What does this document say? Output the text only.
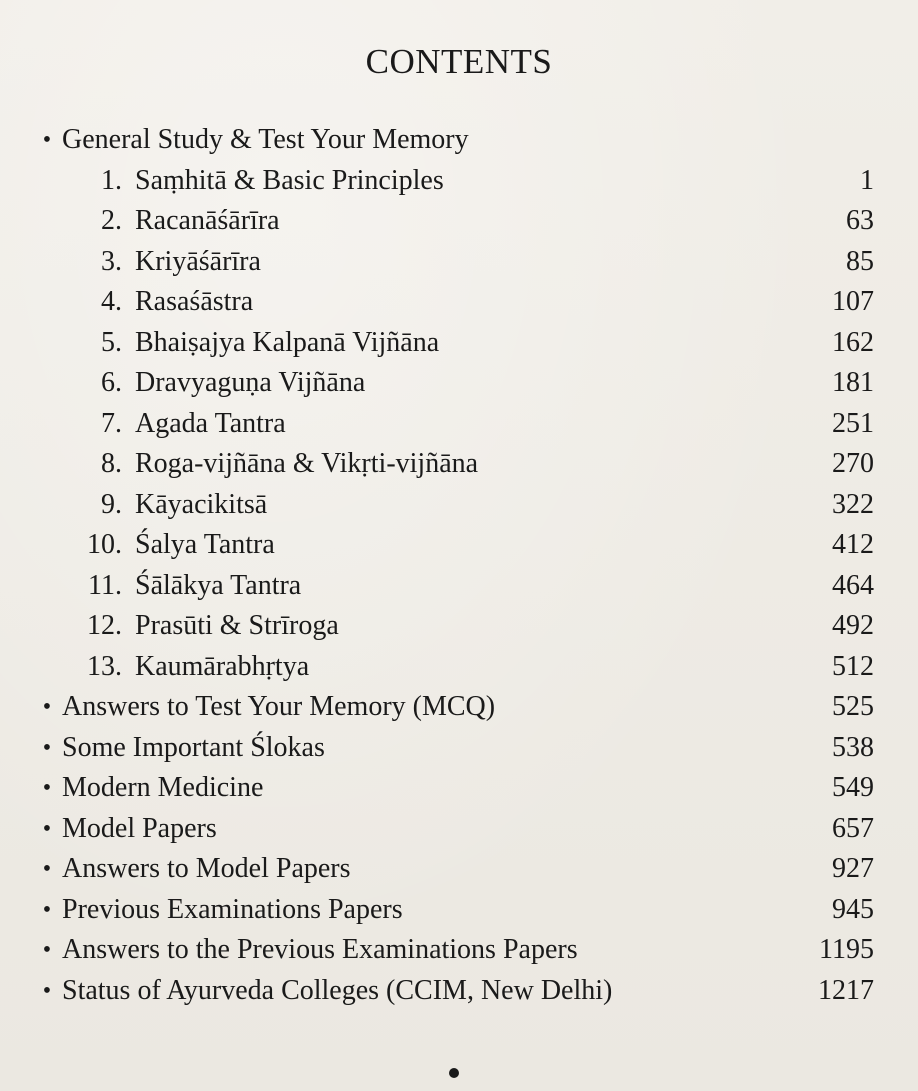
CONTENTS
• General Study & Test Your Memory
1. Saṃhitā & Basic Principles	1
2. Racanāśārīra	63
3. Kriyāśārīra	85
4. Rasaśāstra	107
5. Bhaiṣajya Kalpanā Vijñāna	162
6. Dravyaguṇa Vijñāna	181
7. Agada Tantra	251
8. Roga-vijñāna & Vikṛti-vijñāna	270
9. Kāyacikitsā	322
10. Śalya Tantra	412
11. Śālākya Tantra	464
12. Prasūti & Strīroga	492
13. Kaumārabhṛtya	512
• Answers to Test Your Memory (MCQ)	525
• Some Important Ślokas	538
• Modern Medicine	549
• Model Papers	657
• Answers to Model Papers	927
• Previous Examinations Papers	945
• Answers to the Previous Examinations Papers	1195
• Status of Ayurveda Colleges (CCIM, New Delhi)	1217
